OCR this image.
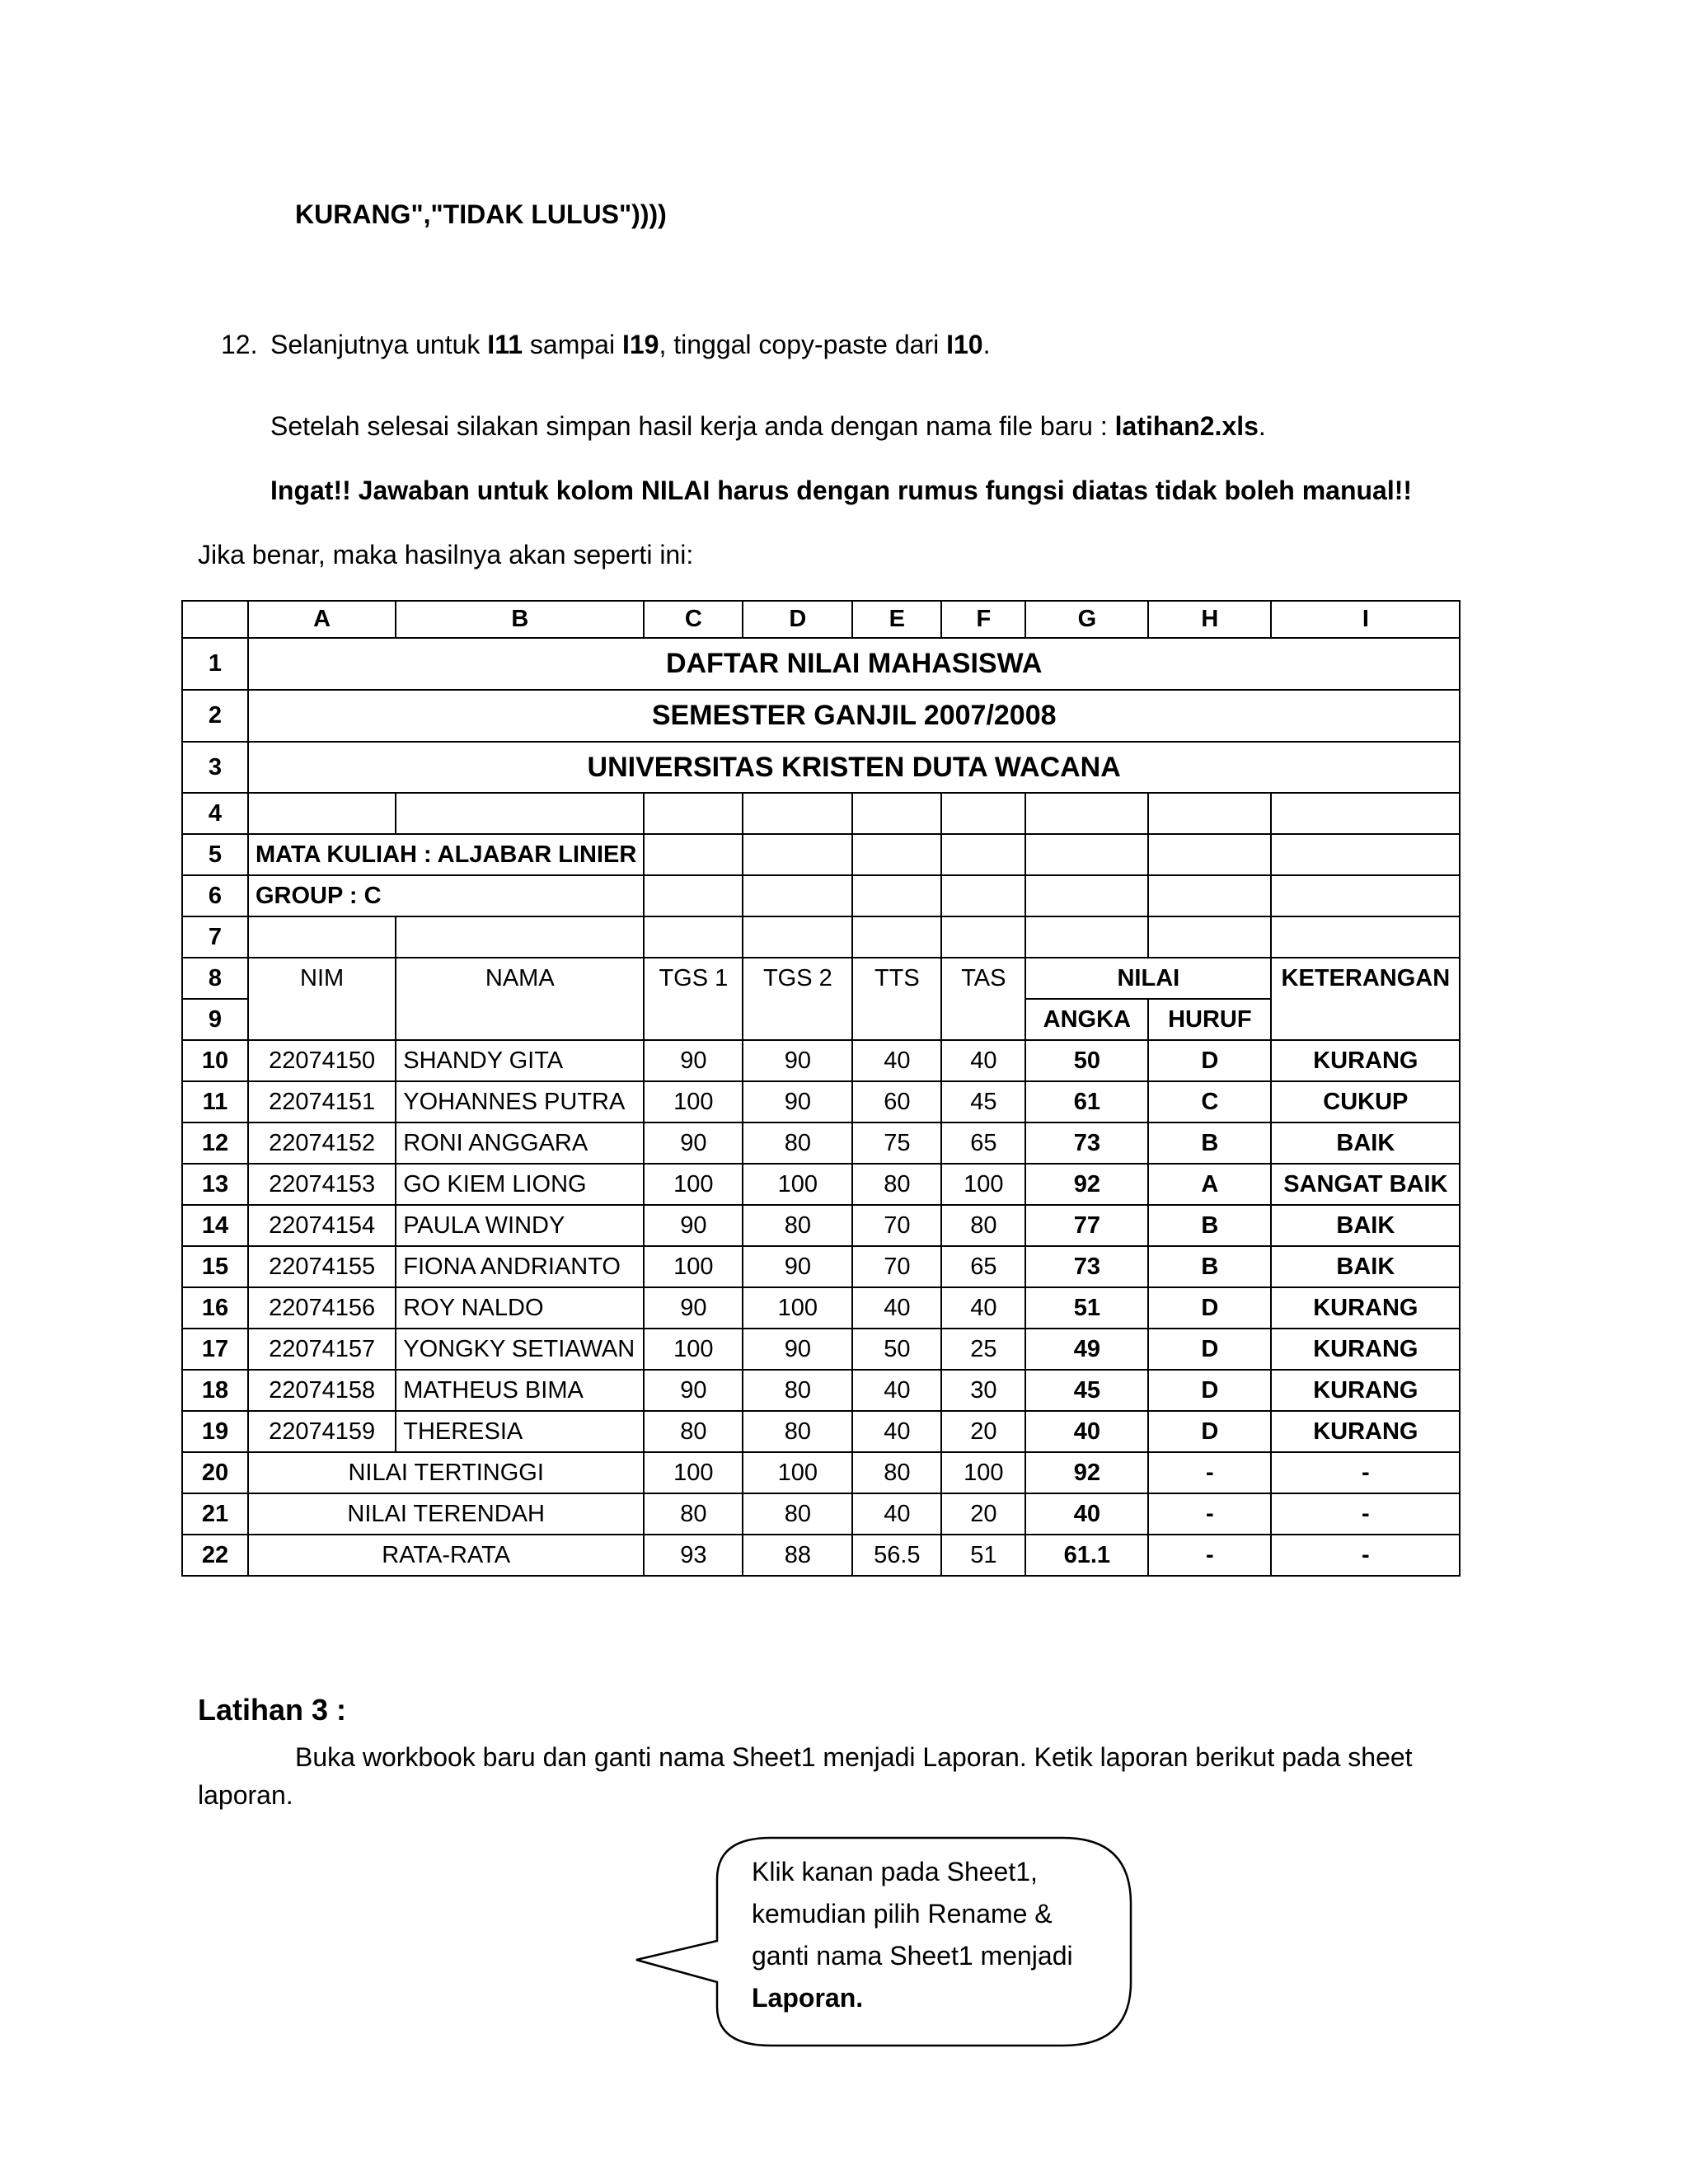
KURANG","TIDAK LULUS"))))
12. Selanjutnya untuk I11 sampai I19, tinggal copy-paste dari I10.
Setelah selesai silakan simpan hasil kerja anda dengan nama file baru : latihan2.xls.
Ingat!! Jawaban untuk kolom NILAI harus dengan rumus fungsi diatas tidak boleh manual!!
Jika benar, maka hasilnya akan seperti ini:
	A	B	C	D	E	F	G	H	I
1	DAFTAR NILAI MAHASISWA								
2	SEMESTER GANJIL 2007/2008								
3	UNIVERSITAS KRISTEN DUTA WACANA								
4									
5	MATA KULIAH : ALJABAR LINIER								
6	GROUP : C								
7									
8	NIM	NAMA	TGS 1	TGS 2	TTS	TAS	NILAI		KETERANGAN
9							ANGKA	HURUF	
10	22074150	SHANDY GITA	90	90	40	40	50	D	KURANG
11	22074151	YOHANNES PUTRA	100	90	60	45	61	C	CUKUP
12	22074152	RONI ANGGARA	90	80	75	65	73	B	BAIK
13	22074153	GO KIEM LIONG	100	100	80	100	92	A	SANGAT BAIK
14	22074154	PAULA WINDY	90	80	70	80	77	B	BAIK
15	22074155	FIONA ANDRIANTO	100	90	70	65	73	B	BAIK
16	22074156	ROY NALDO	90	100	40	40	51	D	KURANG
17	22074157	YONGKY SETIAWAN	100	90	50	25	49	D	KURANG
18	22074158	MATHEUS BIMA	90	80	40	30	45	D	KURANG
19	22074159	THERESIA	80	80	40	20	40	D	KURANG
20	NILAI TERTINGGI		100	100	80	100	92	-	-
21	NILAI TERENDAH		80	80	40	20	40	-	-
22	RATA-RATA		93	88	56.5	51	61.1	-	-
Latihan 3 :
Buka workbook baru dan ganti nama Sheet1 menjadi Laporan. Ketik laporan berikut pada sheet
laporan.
Klik kanan pada Sheet1,
kemudian pilih Rename &
ganti nama Sheet1 menjadi
Laporan.
